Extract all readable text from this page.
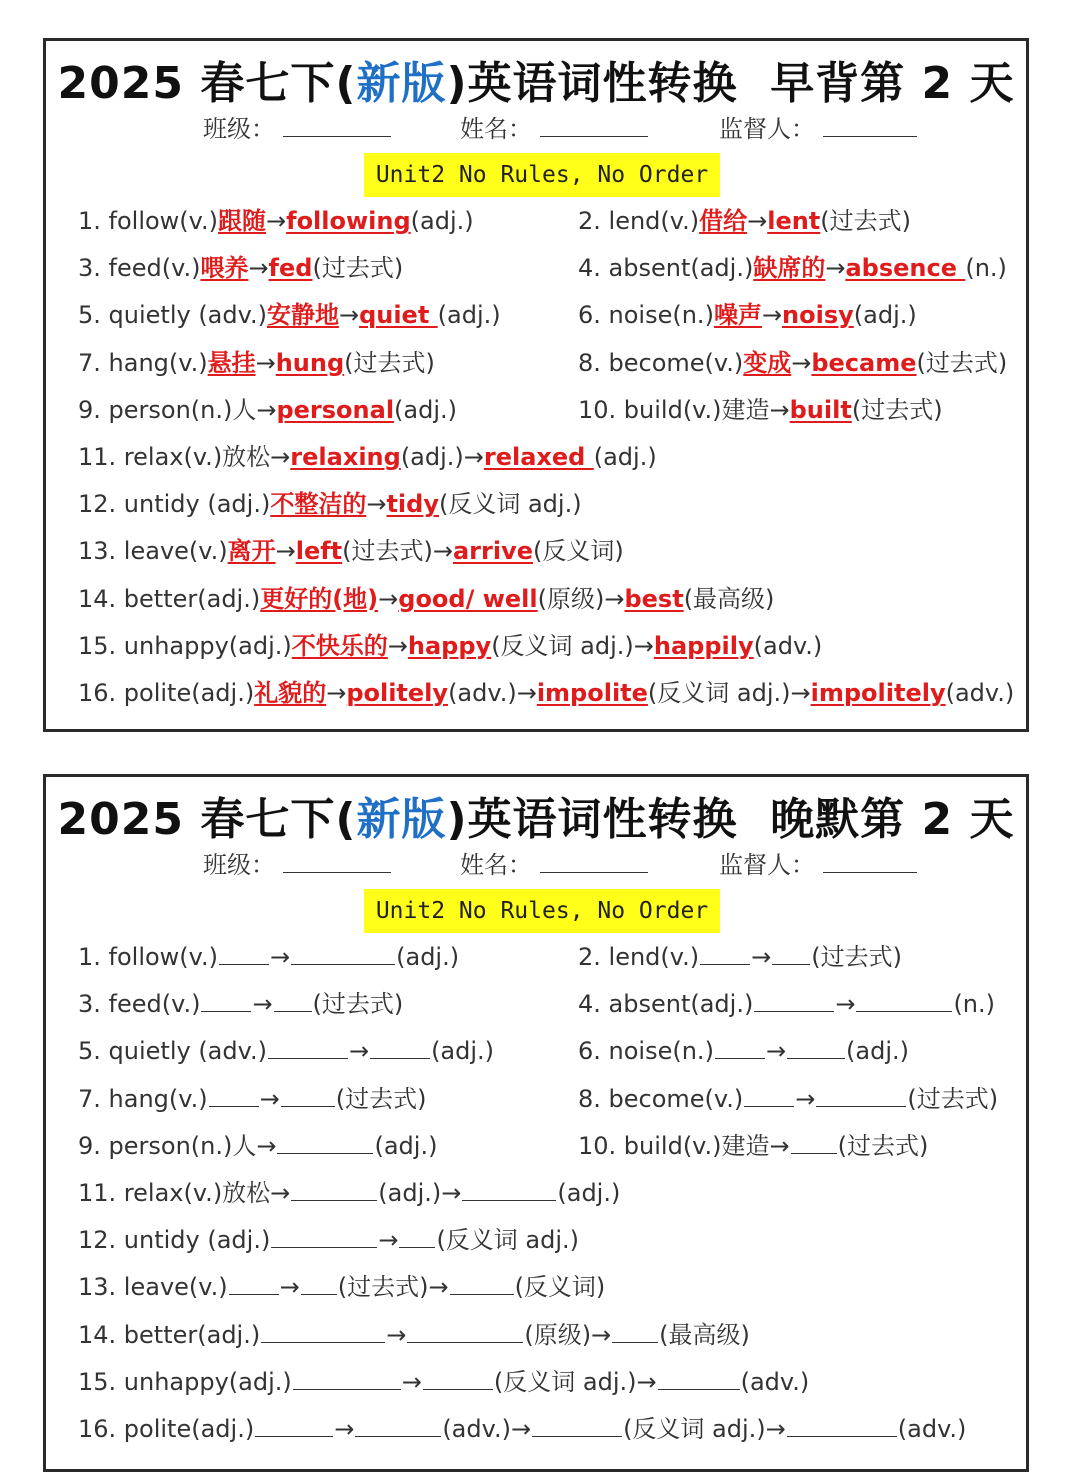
2025 春七下(新版)英语词性转换 早背第 2 天
班级：	姓名：	监督人：
Unit2 No Rules, No Order
1. follow(v.)跟随→following(adj.)	2. lend(v.)借给→lent(过去式)
3. feed(v.)喂养→fed(过去式)	4. absent(adj.)缺席的→absence (n.)
5. quietly (adv.)安静地→quiet (adj.)	6. noise(n.)噪声→noisy(adj.)
7. hang(v.)悬挂→hung(过去式)	8. become(v.)变成→became(过去式)
9. person(n.)人→personal(adj.)	10. build(v.)建造→built(过去式)
11. relax(v.)放松→relaxing(adj.)→relaxed (adj.)
12. untidy (adj.)不整洁的→tidy(反义词 adj.)
13. leave(v.)离开→left(过去式)→arrive(反义词)
14. better(adj.)更好的(地)→good/ well(原级)→best(最高级)
15. unhappy(adj.)不快乐的→happy(反义词 adj.)→happily(adv.)
16. polite(adj.)礼貌的→politely(adv.)→impolite(反义词 adj.)→impolitely(adv.)
2025 春七下(新版)英语词性转换 晚默第 2 天
班级：	姓名：	监督人：
Unit2 No Rules, No Order
1. follow(v.) →	(adj.)	2. lend(v.) → (过去式)
3. feed(v.) → (过去式)	4. absent(adj.)	→	(n.)
5. quietly (adv.)	→	(adj.)	6. noise(n.) →	(adj.)
7. hang(v.) → (过去式)	8. become(v.) →	(过去式)
9. person(n.)人→	(adj.)	10. build(v.)建造→ (过去式)
11. relax(v.)放松→	(adj.)→	(adj.)
12. untidy (adj.)	→ (反义词 adj.)
13. leave(v.) → (过去式)→	(反义词)
14. better(adj.)	→	(原级)→ (最高级)
15. unhappy(adj.)	→	(反义词 adj.)→	(adv.)
16. polite(adj.)	→	(adv.)→	(反义词 adj.)→	(adv.)
